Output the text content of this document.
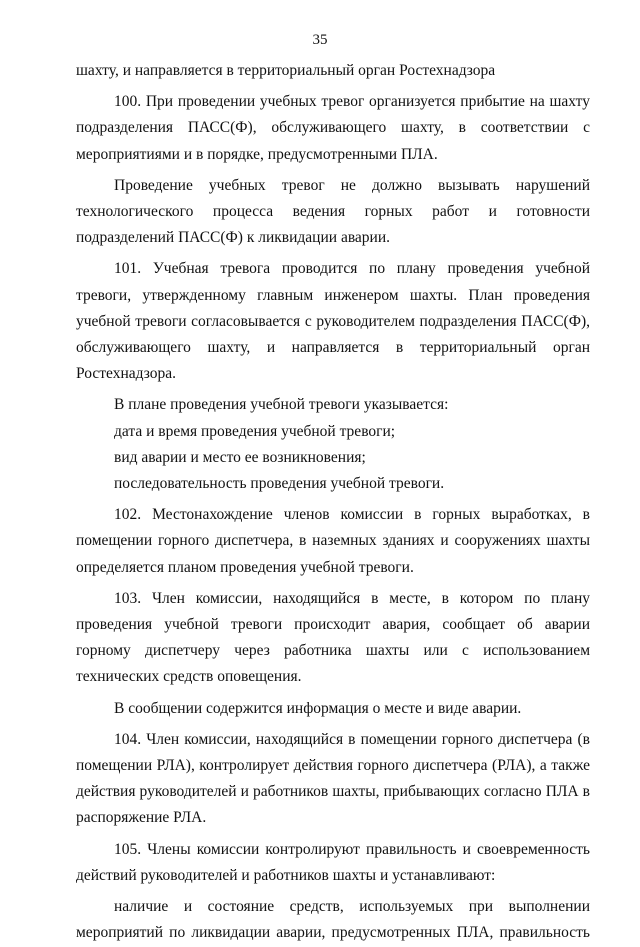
35

шахту, и направляется в территориальный орган Ростехнадзора

100. При проведении учебных тревог организуется прибытие на шахту подразделения ПАСС(Ф), обслуживающего шахту, в соответствии с мероприятиями и в порядке, предусмотренными ПЛА.

Проведение учебных тревог не должно вызывать нарушений технологического процесса ведения горных работ и готовности подразделений ПАСС(Ф) к ликвидации аварии.

101. Учебная тревога проводится по плану проведения учебной тревоги, утвержденному главным инженером шахты. План проведения учебной тревоги согласовывается с руководителем подразделения ПАСС(Ф), обслуживающего шахту, и направляется в территориальный орган Ростехнадзора.

В плане проведения учебной тревоги указывается:

дата и время проведения учебной тревоги;

вид аварии и место ее возникновения;

последовательность проведения учебной тревоги.

102. Местонахождение членов комиссии в горных выработках, в помещении горного диспетчера, в наземных зданиях и сооружениях шахты определяется планом проведения учебной тревоги.

103. Член комиссии, находящийся в месте, в котором по плану проведения учебной тревоги происходит авария, сообщает об аварии горному диспетчеру через работника шахты или с использованием технических средств оповещения.

В сообщении содержится информация о месте и виде аварии.

104. Член комиссии, находящийся в помещении горного диспетчера (в помещении РЛА), контролирует действия горного диспетчера (РЛА), а также действия руководителей и работников шахты, прибывающих согласно ПЛА в распоряжение РЛА.

105. Члены комиссии контролируют правильность и своевременность действий руководителей и работников шахты и устанавливают:

наличие и состояние средств, используемых при выполнении мероприятий по ликвидации аварии, предусмотренных ПЛА, правильность
